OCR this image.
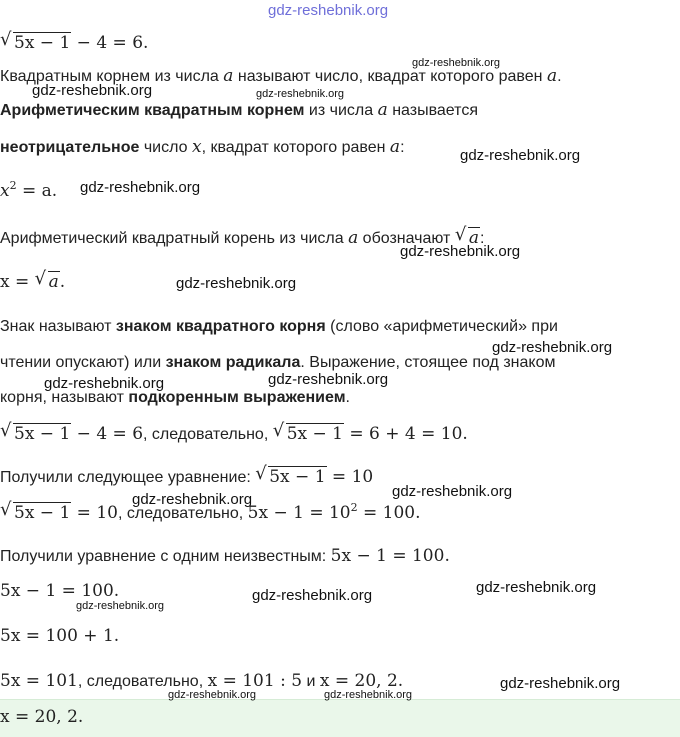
gdz-reshebnik.org
√ 5x − 1 − 4 = 6.
Квадратным корнем из числа a называют число, квадрат которого равен a.
Арифметическим квадратным корнем из числа a называется
неотрицательное число x, квадрат которого равен a:
$x^2 = a$.
Арифметический квадратный корень из числа a обозначают √ a:
x = √ a.
Знак называют знаком квадратного корня (слово «арифметический» при
чтении опускают) или знаком радикала. Выражение, стоящее под знаком
корня, называют подкоренным выражением.
√ 5x − 1 − 4 = 6, следовательно, √ 5x − 1 = 6 + 4 = 10.
Получили следующее уравнение: √ 5x − 1 = 10
√ 5x − 1 = 10, следовательно, $5x - 1 = 10^2 = 100$.
Получили уравнение с одним неизвестным: 5x − 1 = 100.
5x − 1 = 100.
5x = 100 + 1.
5x = 101, следовательно, x = 101 : 5 и x = 20, 2.
x = 20, 2.
gdz-reshebnik.org
gdz-reshebnik.org	gdz-reshebnik.org
gdz-reshebnik.org
gdz-reshebnik.org
gdz-reshebnik.org
gdz-reshebnik.org
gdz-reshebnik.org
gdz-reshebnik.org	gdz-reshebnik.org
gdz-reshebnik.org
gdz-reshebnik.org
gdz-reshebnik.org
gdz-reshebnik.org
gdz-reshebnik.org
gdz-reshebnik.org
gdz-reshebnik.org	gdz-reshebnik.org
